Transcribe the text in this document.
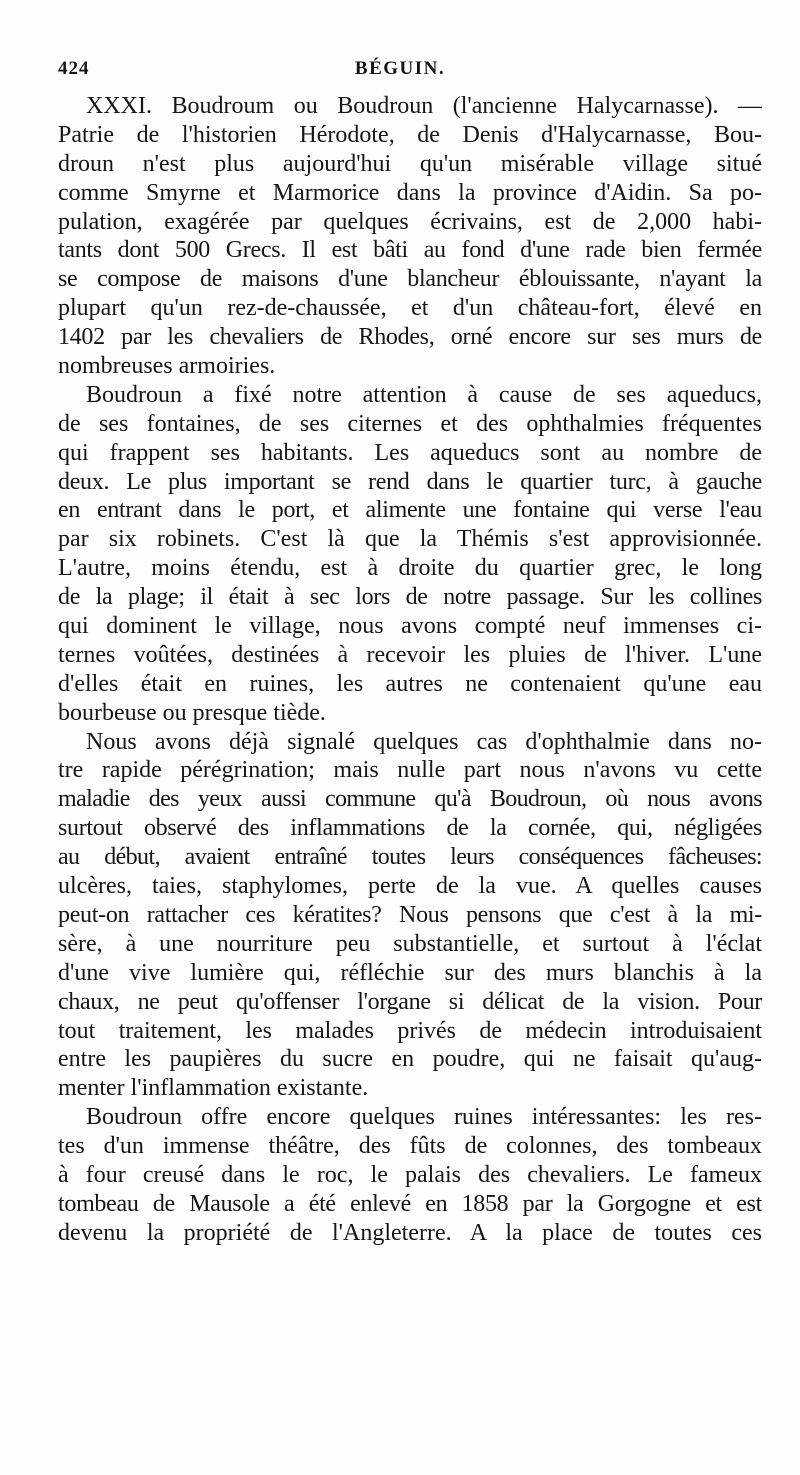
424	BÉGUIN.
XXXI. Boudroum ou Boudroun (l'ancienne Halycarnasse). —
Patrie de l'historien Hérodote, de Denis d'Halycarnasse, Bou-
droun n'est plus aujourd'hui qu'un misérable village situé
comme Smyrne et Marmorice dans la province d'Aidin. Sa po-
pulation, exagérée par quelques écrivains, est de 2,000 habi-
tants dont 500 Grecs. Il est bâti au fond d'une rade bien fermée
se compose de maisons d'une blancheur éblouissante, n'ayant la
plupart qu'un rez-de-chaussée, et d'un château-fort, élevé en
1402 par les chevaliers de Rhodes, orné encore sur ses murs de
nombreuses armoiries.
Boudroun a fixé notre attention à cause de ses aqueducs,
de ses fontaines, de ses citernes et des ophthalmies fréquentes
qui frappent ses habitants. Les aqueducs sont au nombre de
deux. Le plus important se rend dans le quartier turc, à gauche
en entrant dans le port, et alimente une fontaine qui verse l'eau
par six robinets. C'est là que la Thémis s'est approvisionnée.
L'autre, moins étendu, est à droite du quartier grec, le long
de la plage; il était à sec lors de notre passage. Sur les collines
qui dominent le village, nous avons compté neuf immenses ci-
ternes voûtées, destinées à recevoir les pluies de l'hiver. L'une
d'elles était en ruines, les autres ne contenaient qu'une eau
bourbeuse ou presque tiède.
Nous avons déjà signalé quelques cas d'ophthalmie dans no-
tre rapide pérégrination; mais nulle part nous n'avons vu cette
maladie des yeux aussi commune qu'à Boudroun, où nous avons
surtout observé des inflammations de la cornée, qui, négligées
au début, avaient entraîné toutes leurs conséquences fâcheuses:
ulcères, taies, staphylomes, perte de la vue. A quelles causes
peut-on rattacher ces kératites? Nous pensons que c'est à la mi-
sère, à une nourriture peu substantielle, et surtout à l'éclat
d'une vive lumière qui, réfléchie sur des murs blanchis à la
chaux, ne peut qu'offenser l'organe si délicat de la vision. Pour
tout traitement, les malades privés de médecin introduisaient
entre les paupières du sucre en poudre, qui ne faisait qu'aug-
menter l'inflammation existante.
Boudroun offre encore quelques ruines intéressantes: les res-
tes d'un immense théâtre, des fûts de colonnes, des tombeaux
à four creusé dans le roc, le palais des chevaliers. Le fameux
tombeau de Mausole a été enlevé en 1858 par la Gorgogne et est
devenu la propriété de l'Angleterre. A la place de toutes ces
